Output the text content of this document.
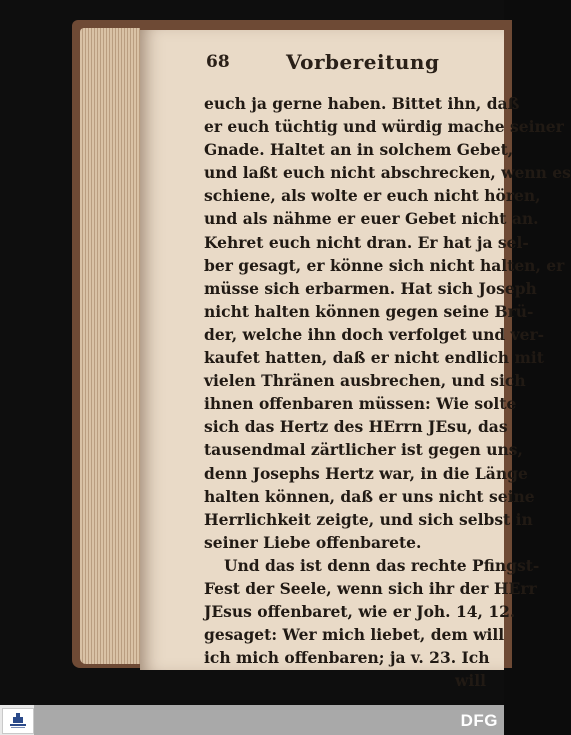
68	Vorbereitung
euch ja gerne haben. Bittet ihn, daß
er euch tüchtig und würdig mache seiner
Gnade. Haltet an in solchem Gebet,
und laßt euch nicht abschrecken, wenn es
schiene, als wolte er euch nicht hören,
und als nähme er euer Gebet nicht an.
Kehret euch nicht dran. Er hat ja sel-
ber gesagt, er könne sich nicht halten, er
müsse sich erbarmen. Hat sich Joseph
nicht halten können gegen seine Brü-
der, welche ihn doch verfolget und ver-
kaufet hatten, daß er nicht endlich mit
vielen Thränen ausbrechen, und sich
ihnen offenbaren müssen: Wie solte
sich das Hertz des HErrn JEsu, das
tausendmal zärtlicher ist gegen uns,
denn Josephs Hertz war, in die Länge
halten können, daß er uns nicht seine
Herrlichkeit zeigte, und sich selbst in
seiner Liebe offenbarete.
Und das ist denn das rechte Pfingst-
Fest der Seele, wenn sich ihr der HErr
JEsus offenbaret, wie er Joh. 14, 12.
gesaget: Wer mich liebet, dem will
ich mich offenbaren; ja v. 23. Ich
will
DFG
